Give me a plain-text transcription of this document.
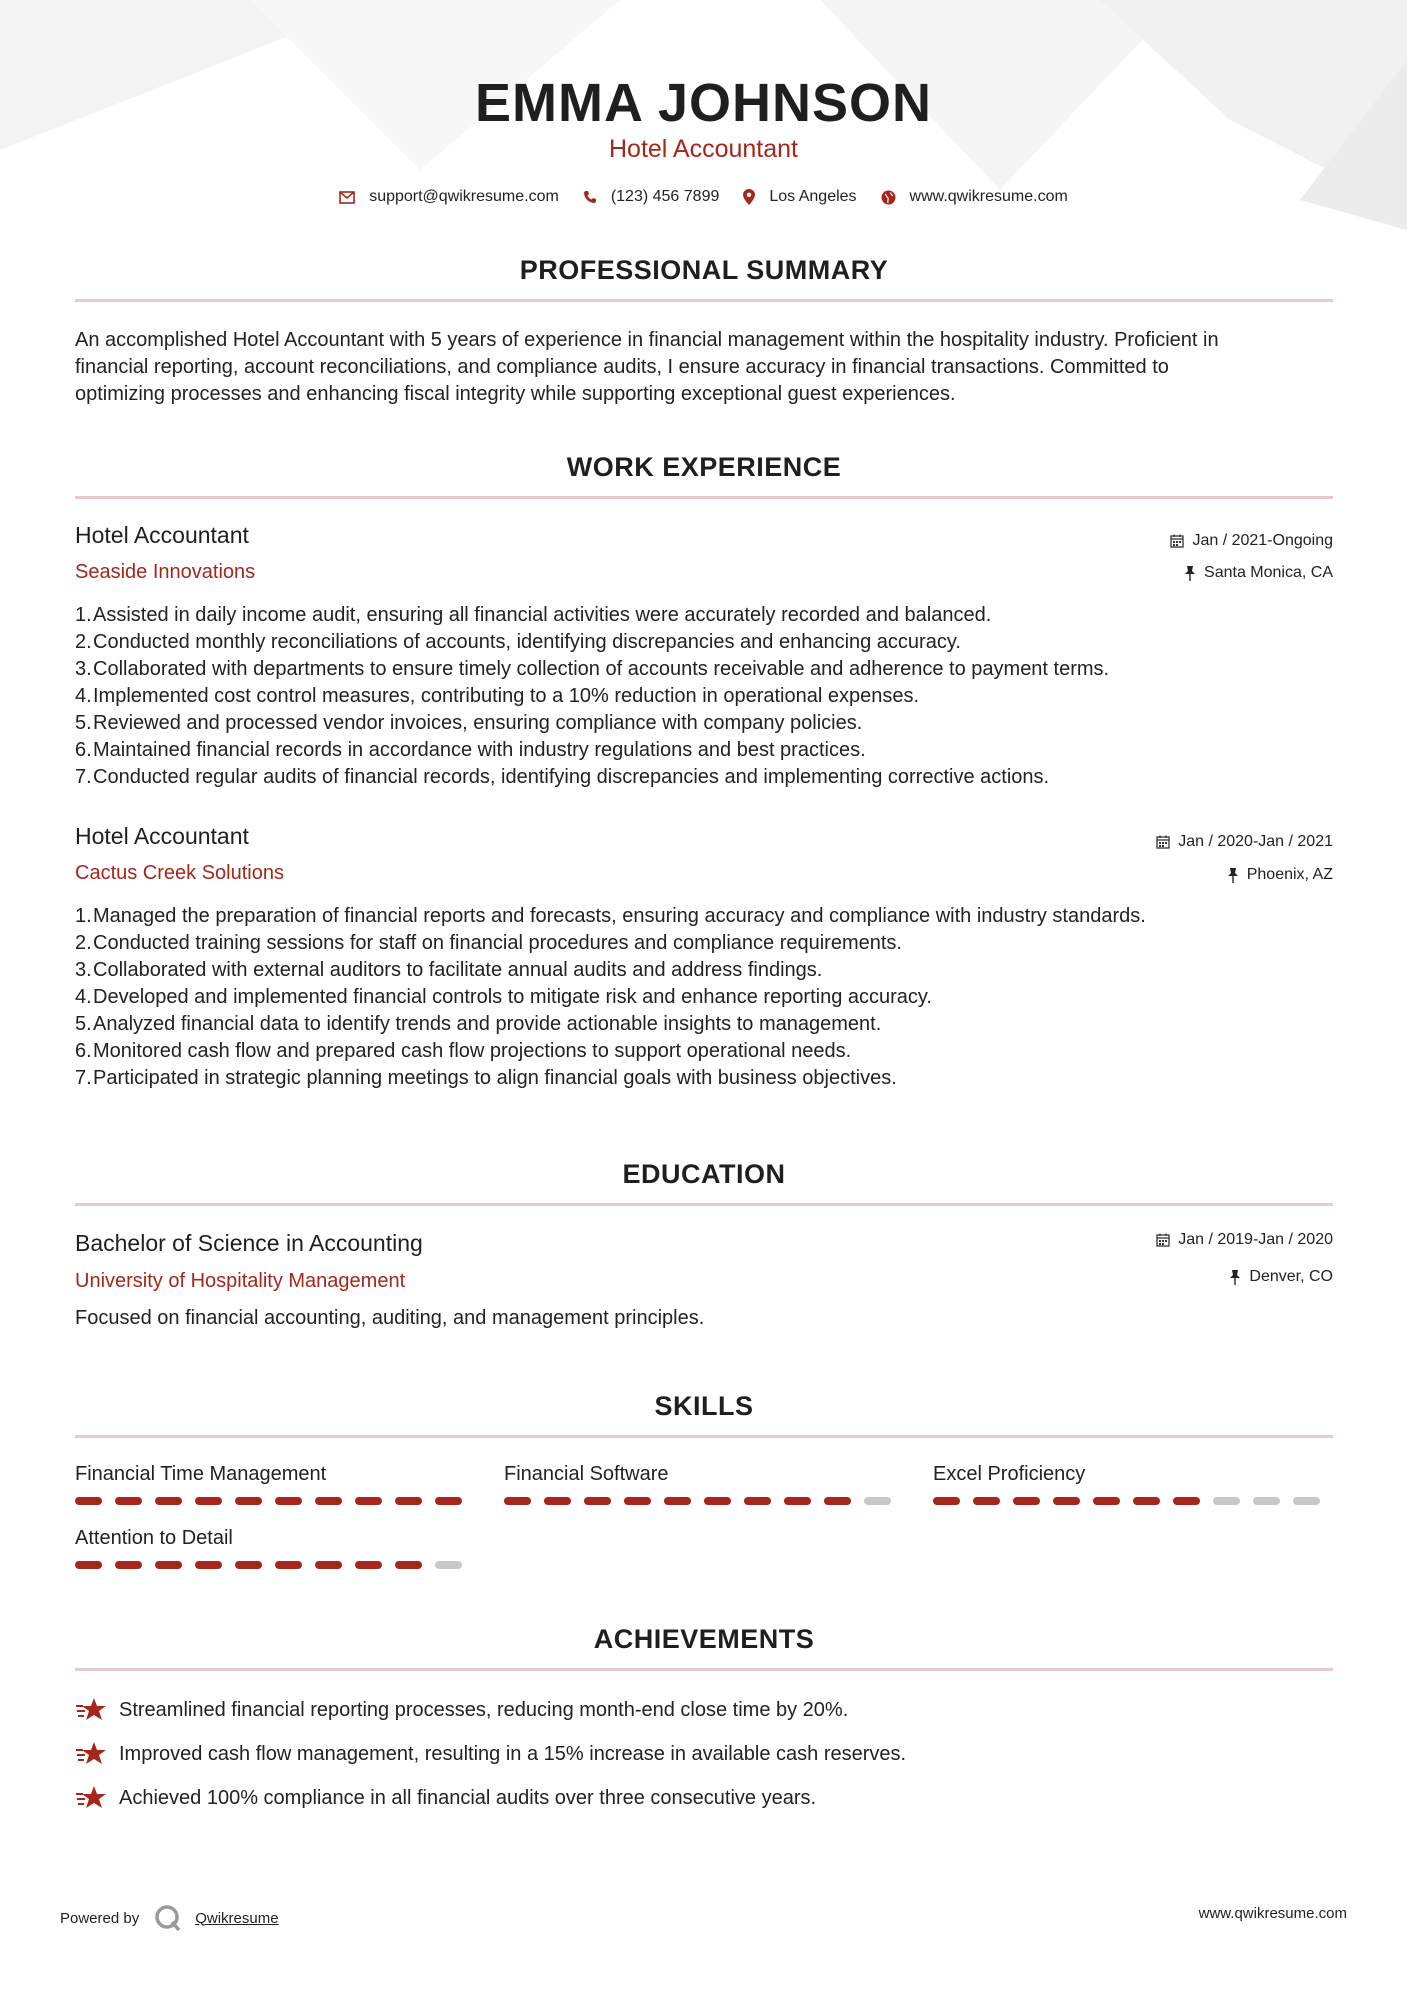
EMMA JOHNSON
Hotel Accountant
support@qwikresume.com	(123) 456 7899	Los Angeles	www.qwikresume.com
PROFESSIONAL SUMMARY
An accomplished Hotel Accountant with 5 years of experience in financial management within the hospitality industry. Proficient in
financial reporting, account reconciliations, and compliance audits, I ensure accuracy in financial transactions. Committed to
optimizing processes and enhancing fiscal integrity while supporting exceptional guest experiences.
WORK EXPERIENCE
Hotel Accountant
Seaside Innovations
Jan / 2021-Ongoing
Santa Monica, CA
1. Assisted in daily income audit, ensuring all financial activities were accurately recorded and balanced.
2. Conducted monthly reconciliations of accounts, identifying discrepancies and enhancing accuracy.
3. Collaborated with departments to ensure timely collection of accounts receivable and adherence to payment terms.
4. Implemented cost control measures, contributing to a 10% reduction in operational expenses.
5. Reviewed and processed vendor invoices, ensuring compliance with company policies.
6. Maintained financial records in accordance with industry regulations and best practices.
7. Conducted regular audits of financial records, identifying discrepancies and implementing corrective actions.
Hotel Accountant
Cactus Creek Solutions
Jan / 2020-Jan / 2021
Phoenix, AZ
1. Managed the preparation of financial reports and forecasts, ensuring accuracy and compliance with industry standards.
2. Conducted training sessions for staff on financial procedures and compliance requirements.
3. Collaborated with external auditors to facilitate annual audits and address findings.
4. Developed and implemented financial controls to mitigate risk and enhance reporting accuracy.
5. Analyzed financial data to identify trends and provide actionable insights to management.
6. Monitored cash flow and prepared cash flow projections to support operational needs.
7. Participated in strategic planning meetings to align financial goals with business objectives.
EDUCATION
Bachelor of Science in Accounting
University of Hospitality Management
Jan / 2019-Jan / 2020
Denver, CO
Focused on financial accounting, auditing, and management principles.
SKILLS
Financial Time Management	Financial Software	Excel Proficiency
Attention to Detail
ACHIEVEMENTS
Streamlined financial reporting processes, reducing month-end close time by 20%.
Improved cash flow management, resulting in a 15% increase in available cash reserves.
Achieved 100% compliance in all financial audits over three consecutive years.
Powered by	Qwikresume	www.qwikresume.com
